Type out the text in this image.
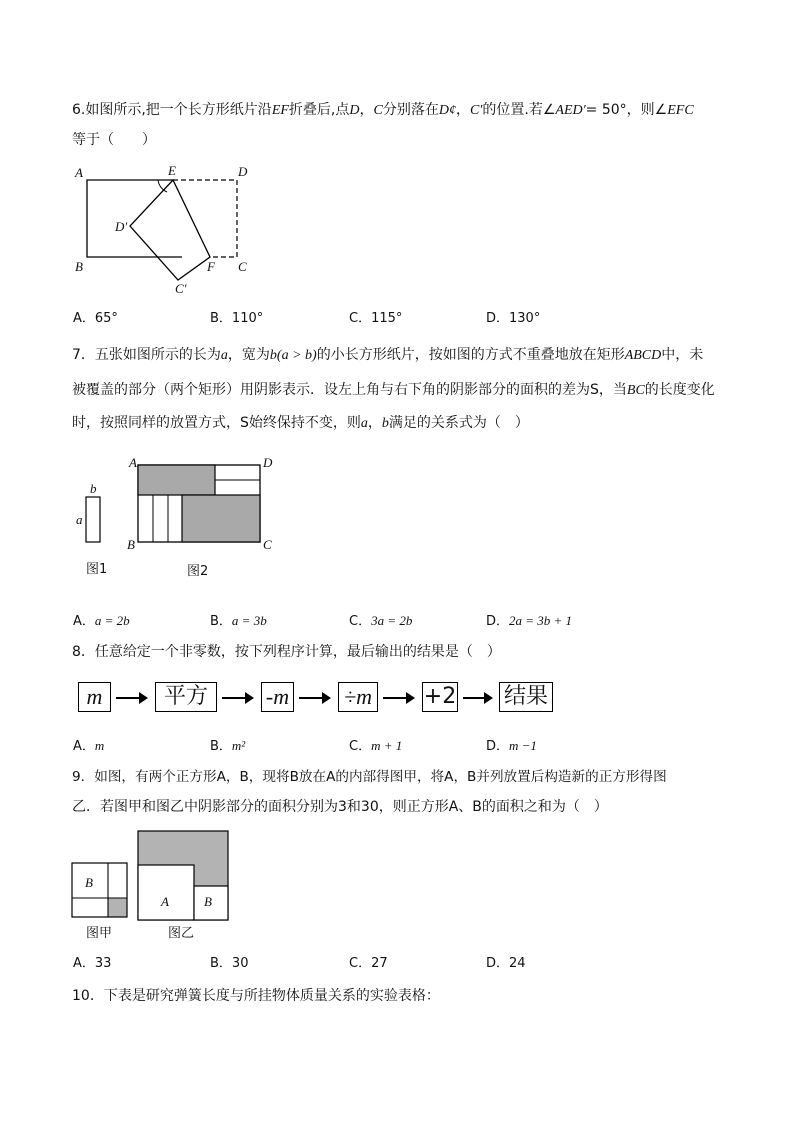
6.如图所示,把一个长方形纸片沿EF折叠后,点D，C分别落在D¢，C′的位置.若∠AED′= 50°，则∠EFC
等于（　　）
A	E	D
D′
B	F C
C′
A．65°	B．110°	C．115°	D．130°
7．五张如图所示的长为a，宽为b(a > b)的小长方形纸片，按如图的方式不重叠地放在矩形ABCD中，未
被覆盖的部分（两个矩形）用阴影表示．设左上角与右下角的阴影部分的面积的差为S，当BC的长度变化
时，按照同样的放置方式，S始终保持不变，则a，b满足的关系式为（　）
b
a
A	D
B	C
图1	图2
A．a = 2b	B．a = 3b	C．3a = 2b	D．2a = 3b + 1
8．任意给定一个非零数，按下列程序计算，最后输出的结果是（　）
m	平方	-m ÷m +2 结果
A．m	B．m²	C．m + 1	D．m −1
9．如图，有两个正方形A，B，现将B放在A的内部得图甲，将A，B并列放置后构造新的正方形得图
乙．若图甲和图乙中阴影部分的面积分别为3和30，则正方形A、B的面积之和为（　）
B
A	B
图甲	图乙
A．33	B．30	C．27	D．24
10．下表是研究弹簧长度与所挂物体质量关系的实验表格：
